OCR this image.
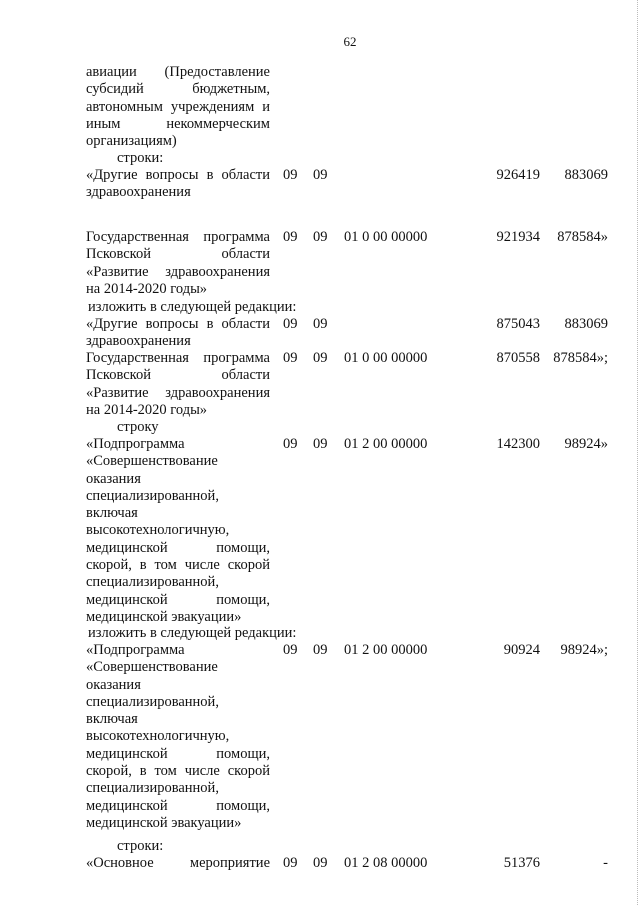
62
авиации (Предоставление
субсидий бюджетным,
автономным учреждениям и
иным некоммерческим
организациям)
строки:
«Другие вопросы в области
здравоохранения
09 09	926419 883069
Государственная программа
Псковской области
«Развитие здравоохранения
на 2014-2020 годы»
09 09 01 0 00 00000	921934 878584»
изложить в следующей редакции:
«Другие вопросы в области
здравоохранения
09 09	875043 883069
Государственная программа
Псковской области
«Развитие здравоохранения
на 2014-2020 годы»
09 09 01 0 00 00000	870558 878584»;
строку
«Подпрограмма
«Совершенствование
оказания
специализированной,
включая
высокотехнологичную,
медицинской помощи,
скорой, в том числе скорой
специализированной,
медицинской помощи,
медицинской эвакуации»
09 09 01 2 00 00000	142300 98924»
изложить в следующей редакции:
«Подпрограмма
«Совершенствование
оказания
специализированной,
включая
высокотехнологичную,
медицинской помощи,
скорой, в том числе скорой
специализированной,
медицинской помощи,
медицинской эвакуации»
09 09 01 2 00 00000	90924 98924»;
строки:
«Основное мероприятие 09 09 01 2 08 00000	51376	-
